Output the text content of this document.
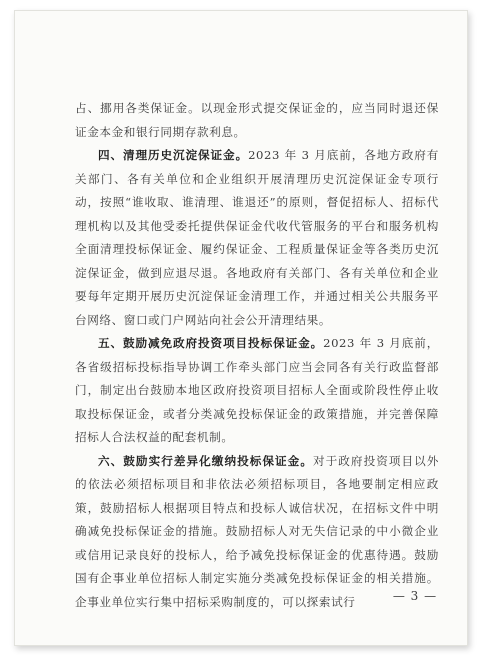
占、挪用各类保证金。以现金形式提交保证金的，应当同时退还保证金本金和银行同期存款利息。

四、清理历史沉淀保证金。2023 年 3 月底前，各地方政府有关部门、各有关单位和企业组织开展清理历史沉淀保证金专项行动，按照“谁收取、谁清理、谁退还”的原则，督促招标人、招标代理机构以及其他受委托提供保证金代收代管服务的平台和服务机构全面清理投标保证金、履约保证金、工程质量保证金等各类历史沉淀保证金，做到应退尽退。各地政府有关部门、各有关单位和企业要每年定期开展历史沉淀保证金清理工作，并通过相关公共服务平台网络、窗口或门户网站向社会公开清理结果。

五、鼓励减免政府投资项目投标保证金。2023 年 3 月底前，各省级招标投标指导协调工作牵头部门应当会同各有关行政监督部门，制定出台鼓励本地区政府投资项目招标人全面或阶段性停止收取投标保证金，或者分类减免投标保证金的政策措施，并完善保障招标人合法权益的配套机制。

六、鼓励实行差异化缴纳投标保证金。对于政府投资项目以外的依法必须招标项目和非依法必须招标项目，各地要制定相应政策，鼓励招标人根据项目特点和投标人诚信状况，在招标文件中明确减免投标保证金的措施。鼓励招标人对无失信记录的中小微企业或信用记录良好的投标人，给予减免投标保证金的优惠待遇。鼓励国有企事业单位招标人制定实施分类减免投标保证金的相关措施。企事业单位实行集中招标采购制度的，可以探索试行	— 3 —
